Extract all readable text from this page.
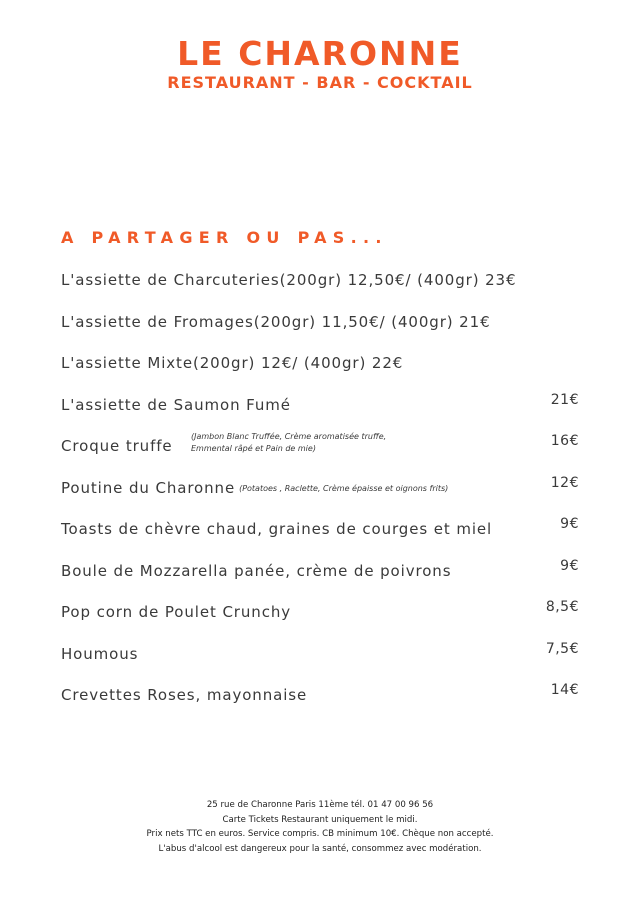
LE CHARONNE
RESTAURANT - BAR - COCKTAIL
A PARTAGER OU PAS...
L'assiette de Charcuteries(200gr) 12,50€/ (400gr) 23€
L'assiette de Fromages(200gr) 11,50€/ (400gr) 21€
L'assiette Mixte(200gr) 12€/ (400gr) 22€
L'assiette de Saumon Fumé	21€
Croque truffe
(Jambon Blanc Truffée, Crème aromatisée truffe,
Emmental râpé et Pain de mie)	16€
Poutine du Charonne (Potatoes , Raclette, Crème épaisse et oignons frits)	12€
Toasts de chèvre chaud, graines de courges et miel	9€
Boule de Mozzarella panée, crème de poivrons	9€
Pop corn de Poulet Crunchy	8,5€
Houmous	7,5€
Crevettes Roses, mayonnaise	14€
25 rue de Charonne Paris 11ème tél. 01 47 00 96 56
Carte Tickets Restaurant uniquement le midi.
Prix nets TTC en euros. Service compris. CB minimum 10€. Chèque non accepté.
L'abus d'alcool est dangereux pour la santé, consommez avec modération.
